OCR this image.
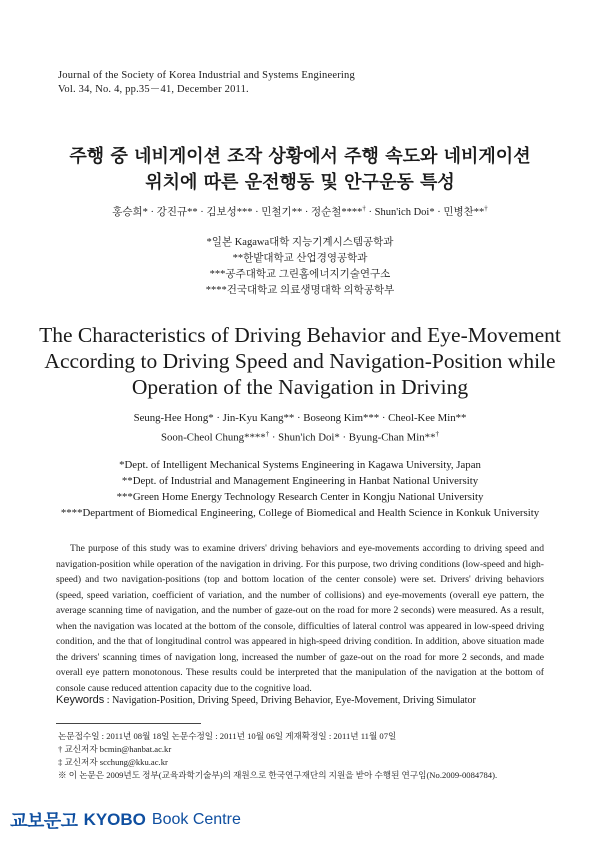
Journal of the Society of Korea Industrial and Systems Engineering
Vol. 34, No. 4, pp.35－41, December 2011.
주행 중 네비게이션 조작 상황에서 주행 속도와 네비게이션
위치에 따른 운전행동 및 안구운동 특성
홍승희* · 강진규** · 김보성*** · 민철기** · 정순철****† · Shun'ich Doi* · 민병찬**†
*일본 Kagawa대학 지능기계시스템공학과
**한밭대학교 산업경영공학과
***공주대학교 그린홈에너지기술연구소
****건국대학교 의료생명대학 의학공학부
The Characteristics of Driving Behavior and Eye-Movement
According to Driving Speed and Navigation-Position while
Operation of the Navigation in Driving
Seung-Hee Hong* · Jin-Kyu Kang** · Boseong Kim*** · Cheol-Kee Min**
Soon-Cheol Chung****† · Shun'ich Doi* · Byung-Chan Min**†
*Dept. of Intelligent Mechanical Systems Engineering in Kagawa University, Japan
**Dept. of Industrial and Management Engineering in Hanbat National University
***Green Home Energy Technology Research Center in Kongju National University
****Department of Biomedical Engineering, College of Biomedical and Health Science in Konkuk University
The purpose of this study was to examine drivers' driving behaviors and eye-movements according to driving speed and navigation-position while operation of the navigation in driving. For this purpose, two driving conditions (low-speed and high-speed) and two navigation-positions (top and bottom location of the center console) were set. Drivers' driving behaviors (speed, speed variation, coefficient of variation, and the number of collisions) and eye-movements (overall eye pattern, the average scanning time of navigation, and the number of gaze-out on the road for more 2 seconds) were measured. As a result, when the navigation was located at the bottom of the console, difficulties of lateral control was appeared in low-speed driving condition, and the that of longitudinal control was appeared in high-speed driving condition. In addition, above situation made the drivers' scanning times of navigation long, increased the number of gaze-out on the road for more 2 seconds, and made overall eye pattern monotonous. These results could be interpreted that the manipulation of the navigation at the bottom of console cause reduced attention capacity due to the cognitive load.
Keywords : Navigation-Position, Driving Speed, Driving Behavior, Eye-Movement, Driving Simulator
논문접수일 : 2011년 08월 18일 논문수정일 : 2011년 10월 06일 게재확정일 : 2011년 11월 07일
† 교신저자 bcmin@hanbat.ac.kr
‡ 교신저자 scchung@kku.ac.kr
※ 이 논문은 2009년도 정부(교육과학기술부)의 재원으로 한국연구재단의 지원을 받아 수행된 연구임(No.2009-0084784).
교보문고 KYOBO Book Centre
